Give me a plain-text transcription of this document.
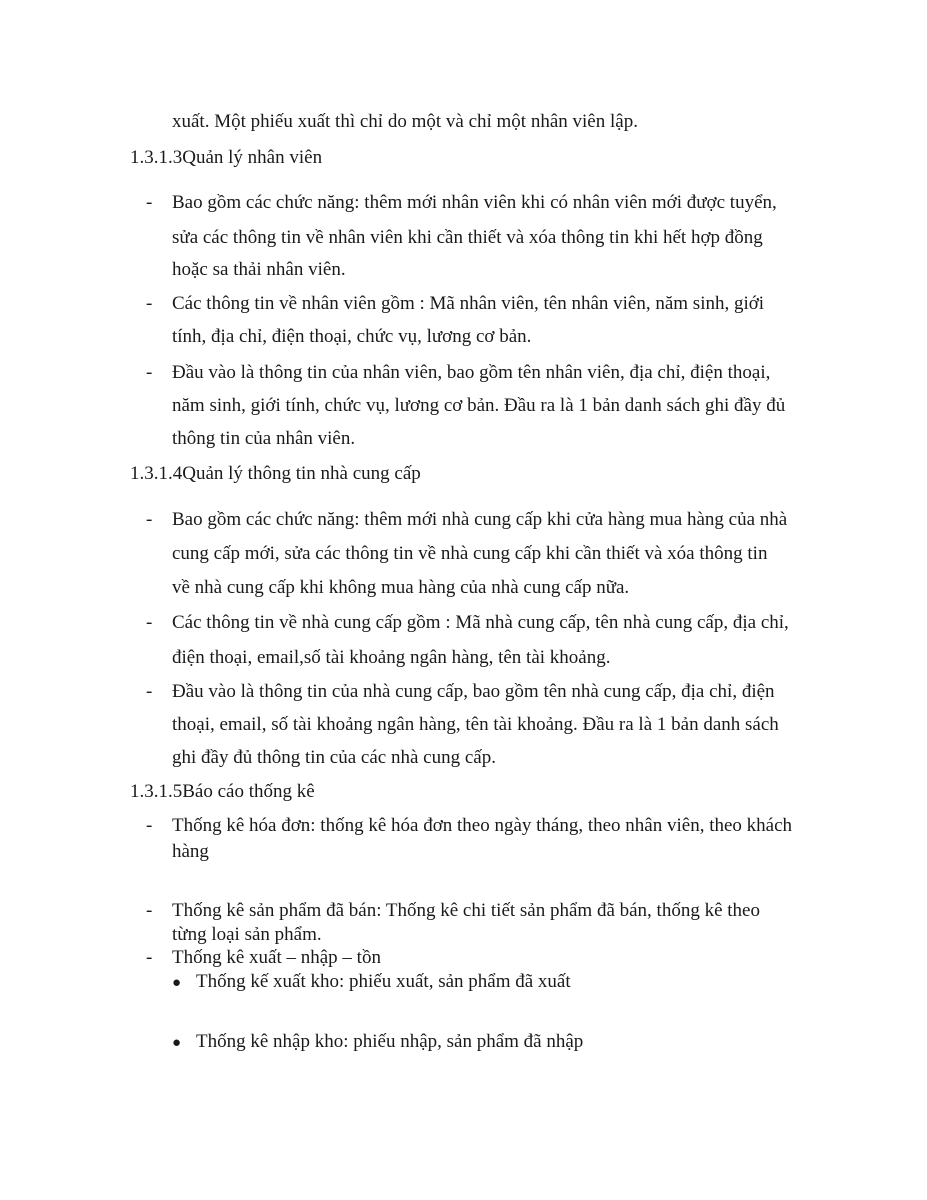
xuất. Một phiếu xuất thì chỉ do một và chỉ một nhân viên lập.
1.3.1.3Quản lý nhân viên
-	Bao gồm các chức năng: thêm mới nhân viên khi có nhân viên mới được tuyển,
sửa các thông tin về nhân viên khi cần thiết và xóa thông tin khi hết hợp đồng
hoặc sa thải nhân viên.
-	Các thông tin về nhân viên gồm : Mã nhân viên, tên nhân viên, năm sinh, giới
tính, địa chỉ, điện thoại, chức vụ, lương cơ bản.
-	Đầu vào là thông tin của nhân viên, bao gồm tên nhân viên, địa chỉ, điện thoại,
năm sinh, giới tính, chức vụ, lương cơ bản. Đầu ra là 1 bản danh sách ghi đầy đủ
thông tin của nhân viên.
1.3.1.4Quản lý thông tin nhà cung cấp
-	Bao gồm các chức năng: thêm mới nhà cung cấp khi cửa hàng mua hàng của nhà
cung cấp mới, sửa các thông tin về nhà cung cấp khi cần thiết và xóa thông tin
về nhà cung cấp khi không mua hàng của nhà cung cấp nữa.
-	Các thông tin về nhà cung cấp gồm : Mã nhà cung cấp, tên nhà cung cấp, địa chỉ,
điện thoại, email,số tài khoảng ngân hàng, tên tài khoảng.
-	Đầu vào là thông tin của nhà cung cấp, bao gồm tên nhà cung cấp, địa chỉ, điện
thoại, email, số tài khoảng ngân hàng, tên tài khoảng. Đầu ra là 1 bản danh sách
ghi đầy đủ thông tin của các nhà cung cấp.
1.3.1.5Báo cáo thống kê
-	Thống kê hóa đơn: thống kê hóa đơn theo ngày tháng, theo nhân viên, theo khách
hàng
-	Thống kê sản phẩm đã bán: Thống kê chi tiết sản phẩm đã bán, thống kê theo
từng loại sản phẩm.
-	Thống kê xuất – nhập – tồn
● Thống kế xuất kho: phiếu xuất, sản phẩm đã xuất
● Thống kê nhập kho: phiếu nhập, sản phẩm đã nhập
